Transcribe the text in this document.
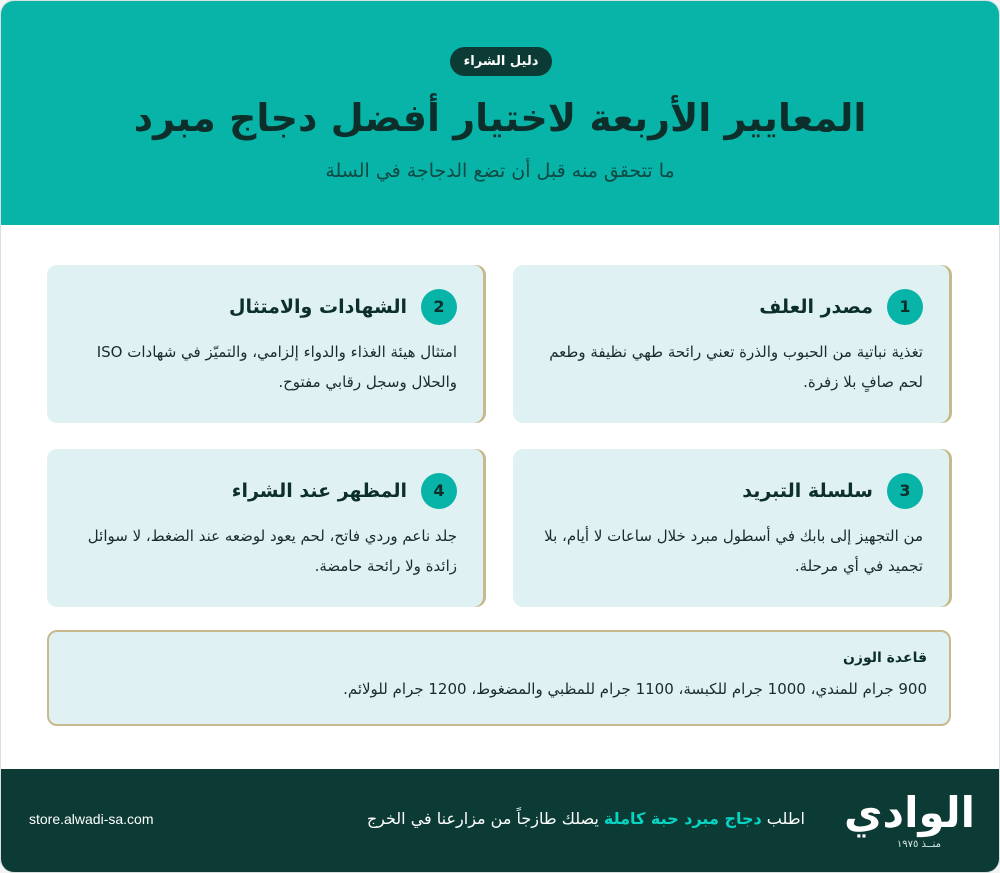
دليل الشراء
المعايير الأربعة لاختيار أفضل دجاج مبرد
ما تتحقق منه قبل أن تضع الدجاجة في السلة
1
مصدر العلف
تغذية نباتية من الحبوب والذرة تعني رائحة طهي نظيفة وطعم لحم صافٍ بلا زفرة.
2
الشهادات والامتثال
امتثال هيئة الغذاء والدواء إلزامي، والتميّز في شهادات ISO والحلال وسجل رقابي مفتوح.
3
سلسلة التبريد
من التجهيز إلى بابك في أسطول مبرد خلال ساعات لا أيام، بلا تجميد في أي مرحلة.
4
المظهر عند الشراء
جلد ناعم وردي فاتح، لحم يعود لوضعه عند الضغط، لا سوائل زائدة ولا رائحة حامضة.
قاعدة الوزن
900 جرام للمندي، 1000 جرام للكبسة، 1100 جرام للمظبي والمضغوط، 1200 جرام للولائم.
store.alwadi-sa.com	اطلب دجاج مبرد حبة كاملة يصلك طازجاً من مزارعنا في الخرج	الوادي
منــذ ١٩٧٥
